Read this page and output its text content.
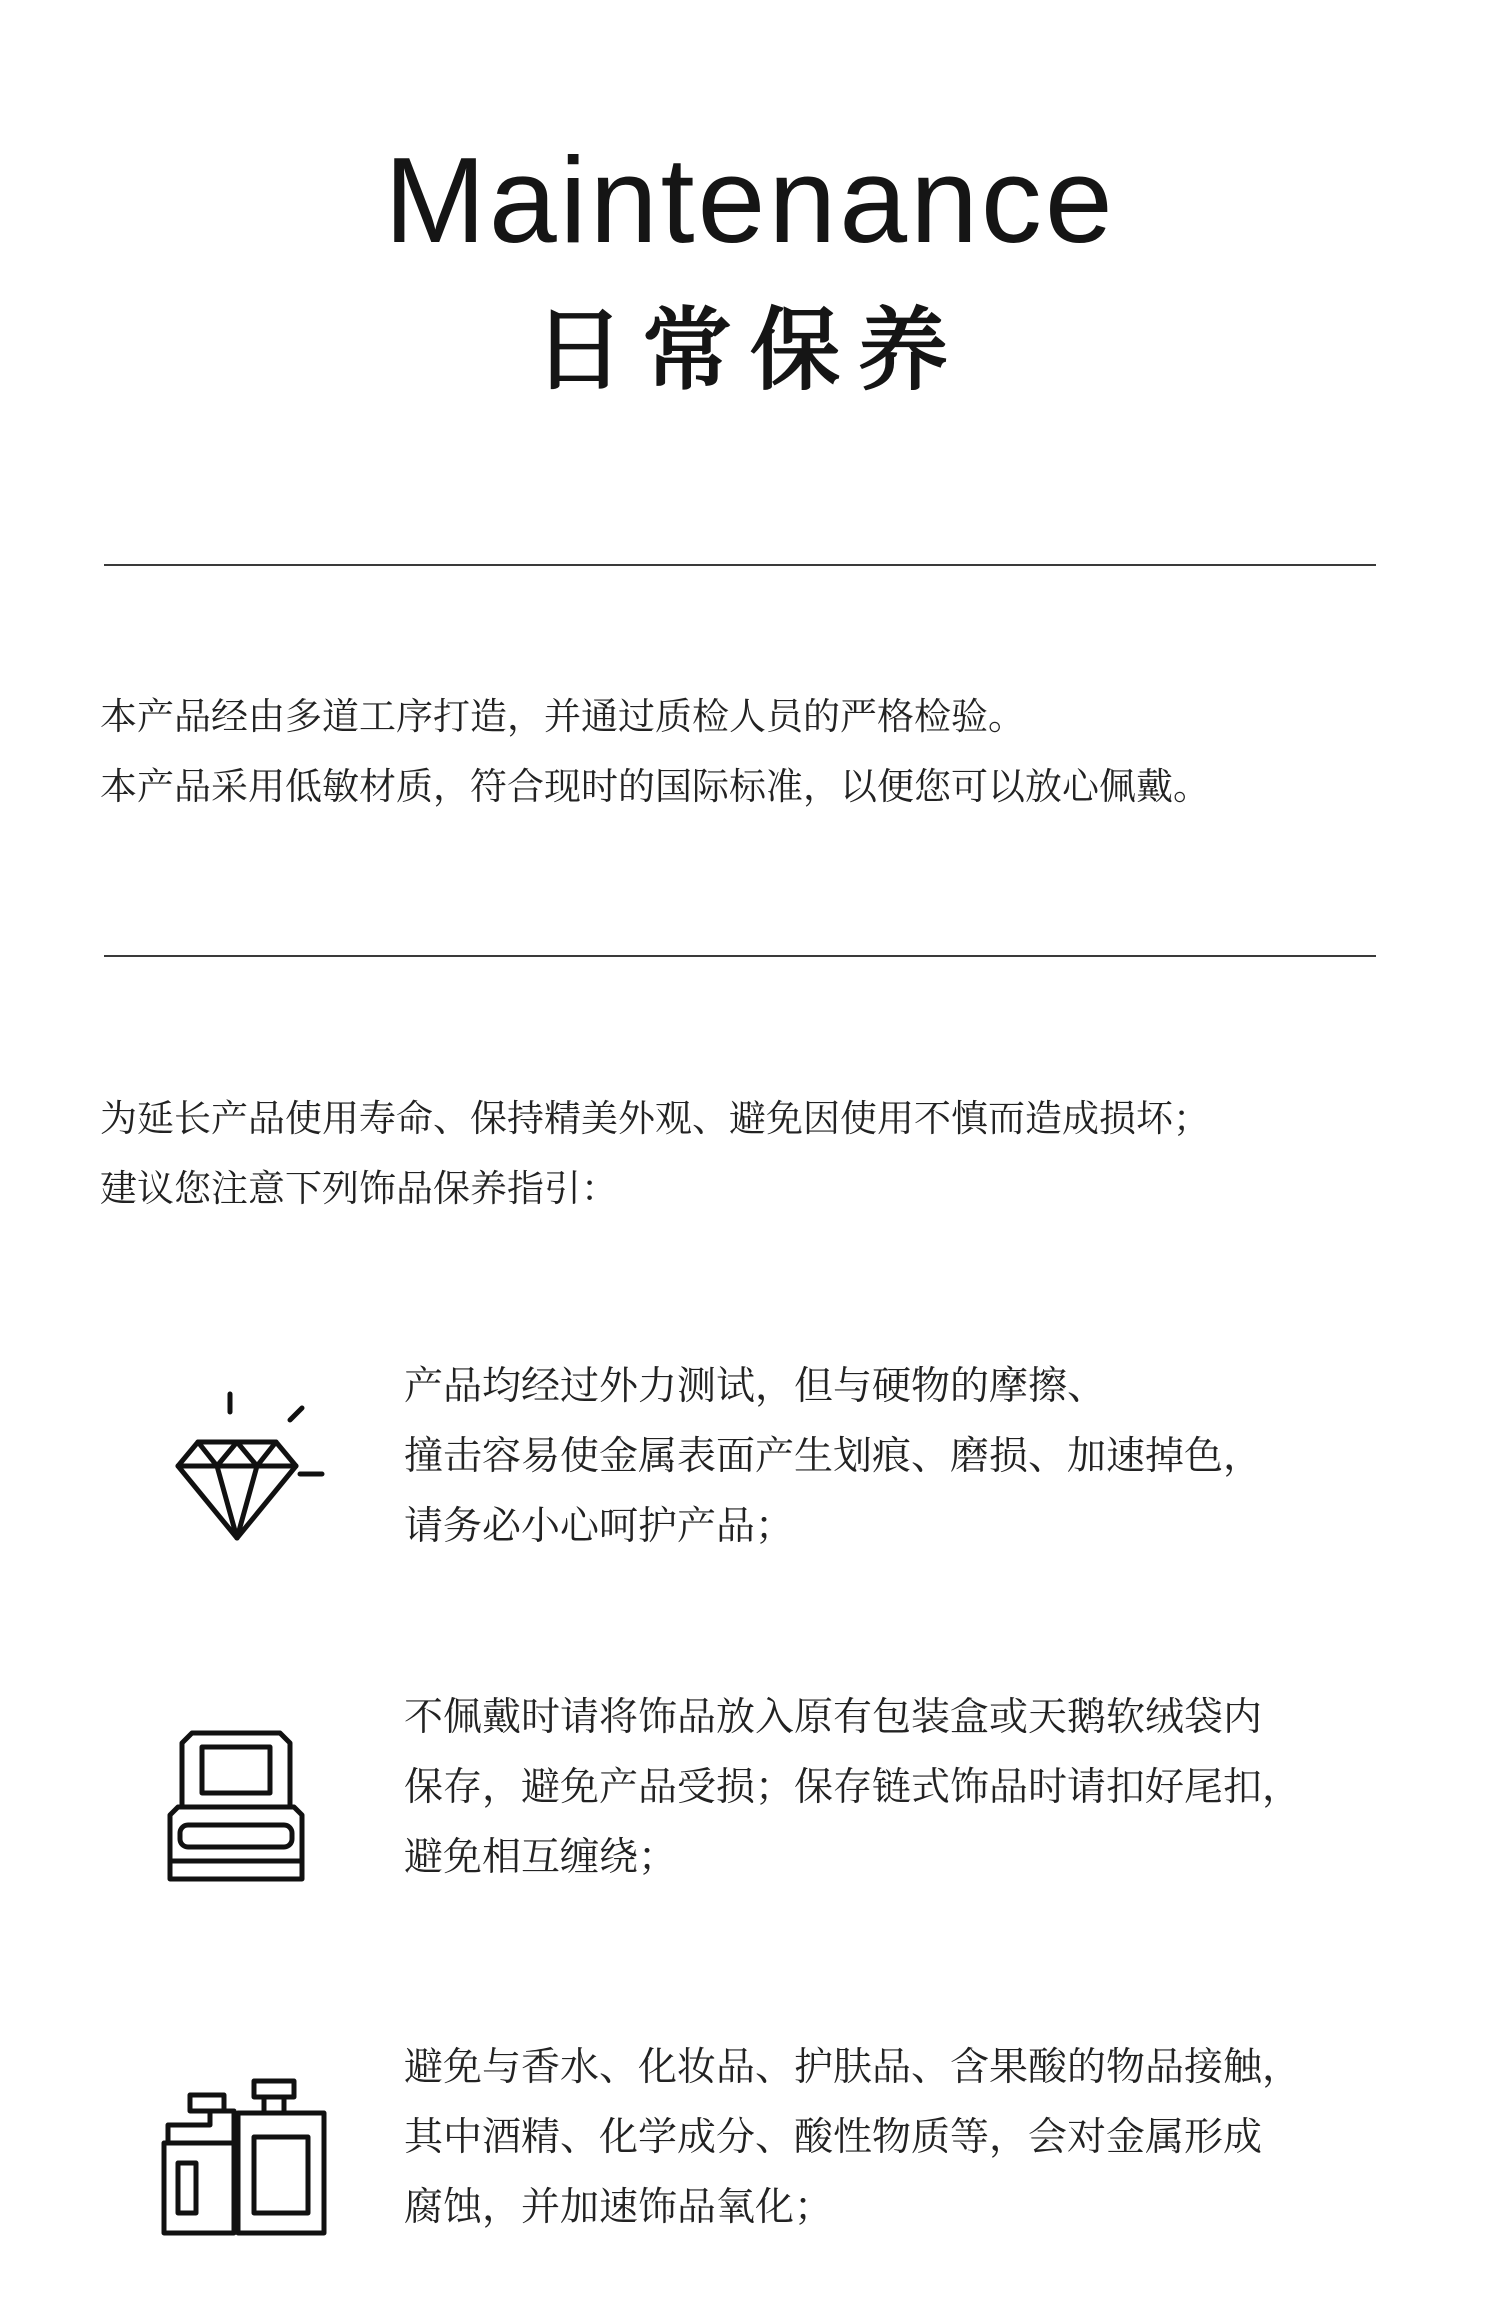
Maintenance
日常保养
本产品经由多道工序打造，并通过质检人员的严格检验。
本产品采用低敏材质，符合现时的国际标准，以便您可以放心佩戴。
为延长产品使用寿命、保持精美外观、避免因使用不慎而造成损坏；
建议您注意下列饰品保养指引：
产品均经过外力测试，但与硬物的摩擦、
撞击容易使金属表面产生划痕、磨损、加速掉色，
请务必小心呵护产品；
不佩戴时请将饰品放入原有包装盒或天鹅软绒袋内
保存，避免产品受损；保存链式饰品时请扣好尾扣，
避免相互缠绕；
避免与香水、化妆品、护肤品、含果酸的物品接触，
其中酒精、化学成分、酸性物质等，会对金属形成
腐蚀，并加速饰品氧化；
